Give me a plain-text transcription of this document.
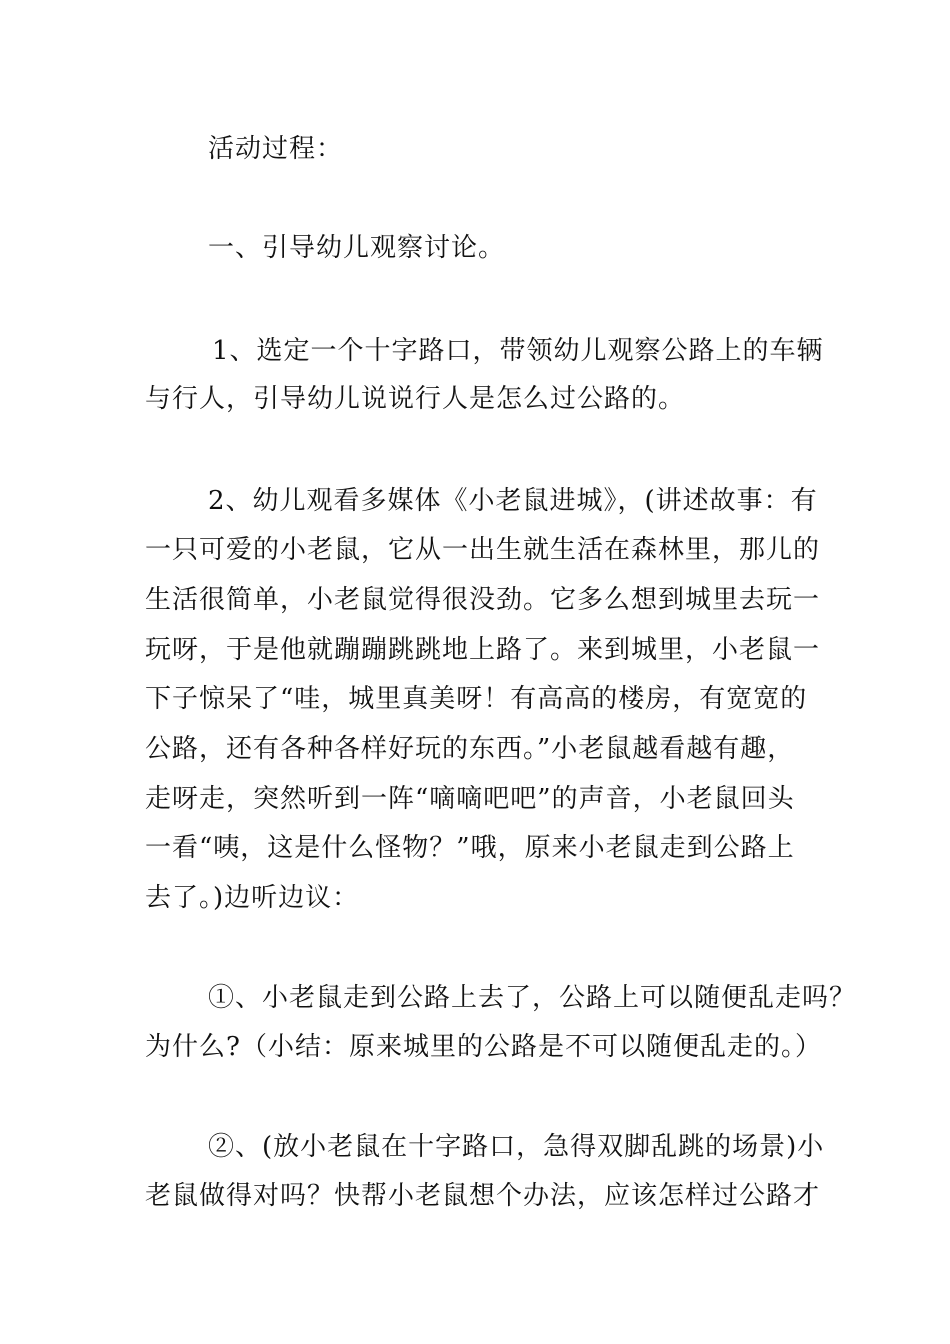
活动过程：
一、引导幼儿观察讨论。
1、选定一个十字路口，带领幼儿观察公路上的车辆
与行人，引导幼儿说说行人是怎么过公路的。
2、幼儿观看多媒体《小老鼠进城》，(讲述故事：有
一只可爱的小老鼠，它从一出生就生活在森林里，那儿的
生活很简单，小老鼠觉得很没劲。它多么想到城里去玩一
玩呀，于是他就蹦蹦跳跳地上路了。来到城里，小老鼠一
下子惊呆了“哇，城里真美呀！有高高的楼房，有宽宽的
公路，还有各种各样好玩的东西。”小老鼠越看越有趣，
走呀走，突然听到一阵“嘀嘀吧吧”的声音，小老鼠回头
一看“咦，这是什么怪物？”哦，原来小老鼠走到公路上
去了。)边听边议：
①、小老鼠走到公路上去了，公路上可以随便乱走吗？
为什么?（小结：原来城里的公路是不可以随便乱走的。）
②、(放小老鼠在十字路口，急得双脚乱跳的场景)小
老鼠做得对吗？快帮小老鼠想个办法，应该怎样过公路才
